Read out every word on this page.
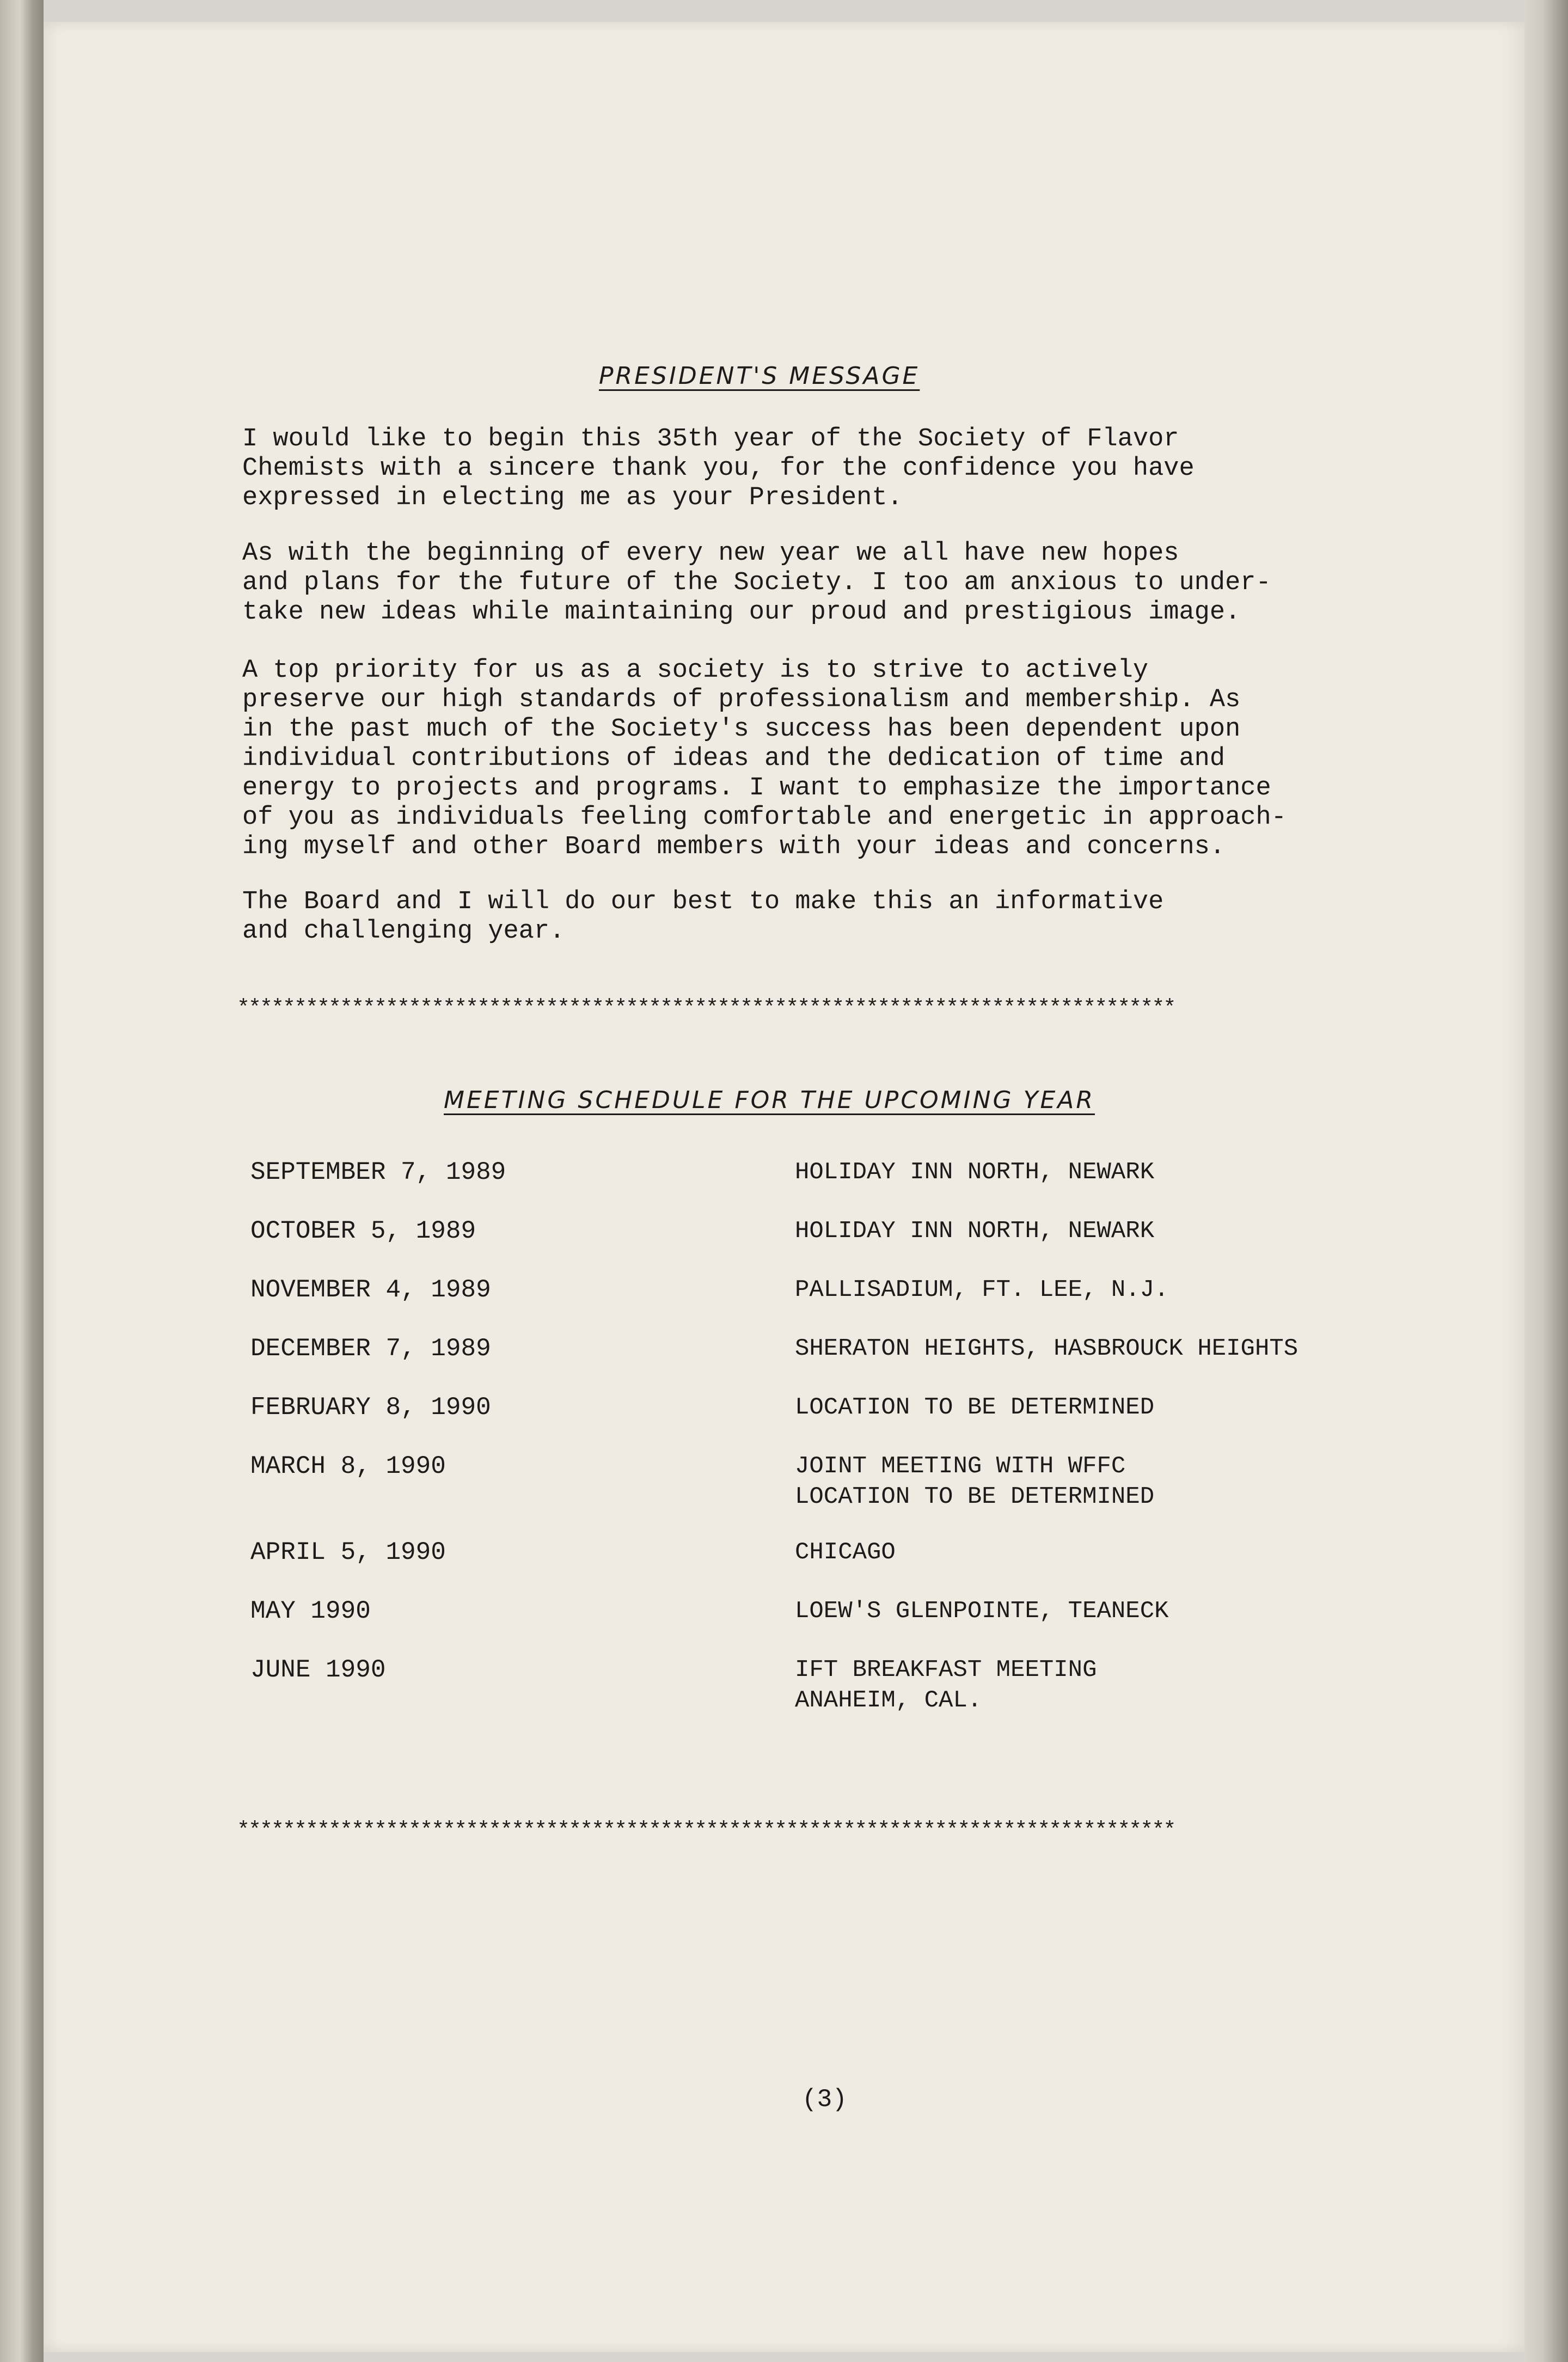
PRESIDENT'S MESSAGE

I would like to begin this 35th year of the Society of Flavor
Chemists with a sincere thank you, for the confidence you have
expressed in electing me as your President.

As with the beginning of every new year we all have new hopes
and plans for the future of the Society. I too am anxious to under-
take new ideas while maintaining our proud and prestigious image.

A top priority for us as a society is to strive to actively
preserve our high standards of professionalism and membership. As
in the past much of the Society's success has been dependent upon
individual contributions of ideas and the dedication of time and
energy to projects and programs. I want to emphasize the importance
of you as individuals feeling comfortable and energetic in approach-
ing myself and other Board members with your ideas and concerns.

The Board and I will do our best to make this an informative
and challenging year.

**********************************************************************************

MEETING SCHEDULE FOR THE UPCOMING YEAR
SEPTEMBER 7, 1989	HOLIDAY INN NORTH, NEWARK
OCTOBER 5, 1989	HOLIDAY INN NORTH, NEWARK
NOVEMBER 4, 1989	PALLISADIUM, FT. LEE, N.J.
DECEMBER 7, 1989	SHERATON HEIGHTS, HASBROUCK HEIGHTS
FEBRUARY 8, 1990	LOCATION TO BE DETERMINED
MARCH 8, 1990	JOINT MEETING WITH WFFC
LOCATION TO BE DETERMINED
APRIL 5, 1990	CHICAGO
MAY 1990	LOEW'S GLENPOINTE, TEANECK
JUNE 1990	IFT BREAKFAST MEETING
ANAHEIM, CAL.

**********************************************************************************

(3)
